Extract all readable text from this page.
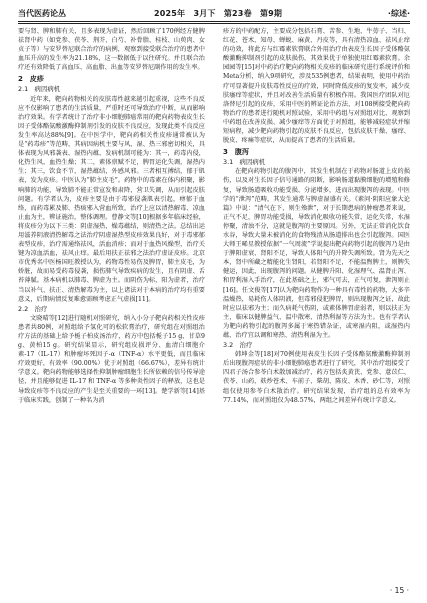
当代医药论丛	2025年　3月下　第23卷　第9期	·综述·

要与肾、脾和肺有关，且多表现为虚证，然后回顾了170例经方健脾祛肾中药（如党参、茯苓、荆芥、白芍、补骨脂、桂枝、山萸肉、女贞子等）与安罗替尼联合治疗的病例，观察到接受联合治疗的患者中血压升高的发生率为21.18%，这一数据低于以往研究。并且联合治疗还有效降低了高血压、高血脂、出血等安罗替尼副作用的发生率。

2　皮疹
2.1　病因病机

近年来，靶向药物相关的皮肤毒性越来越引起重视，这些不良反应不仅影响了患者的生活质量，严重时还可导致治疗中断，从而影响治疗效果。有学者统计了治疗非小细胞肺癌常用的靶向药物表皮生长因子受体酪氨酸激酶抑制剂引发的皮肤不良反应，发现此类不良反应发生率高达88%[9]。在中医学中，靶向药相关性皮疹通常被认为是“药毒疹”等范畴，其病因病机主要与风、湿、热三邪密切相关，具体表现为风邪袭表、湿热内蕴、发病机制可能为：其一，药毒内侵，化热生风，血热生燥；其二，素体禀赋不足，脾胃运化失调，湿热内生；其三，饮食不节，湿热蕴结，外感风邪。三者相互搏结，郁于肌表，发为皮疹。中医认为“肺主皮毛”。药物中的毒素在体内积聚，影响肺的功能，导致肺不能正常宣发和肃降，营卫失调，从而引起皮肤问题。有学者认为，皮疹主要是由于毒邪侵袭肌表引起，痹郁于血络，而药毒累及肺、热痰邪入营血所致，治疗上应以清热解毒、凉血止血为主，辨证施治，整体调理。曹静文等[10]根据多年临床经验，将皮疹分为以下三类：阴虚湿热，燥毒蕴结，则清热之法。总结出运用滋养阴液清热解毒之法治疗阴虚湿热型皮疹效果良好，对于毒邪郁表型皮疹，治疗需通络祛风，活血消疹；而对于血热风燥型，治疗关键为凉血活血，祛风止痒。最后用扶正祛邪之法治疗虚证皮疹。北京市优秀名中医杨国旺教授认为，药物毒性易伤及脾胃，肺主皮毛，为娇脏，故而易受药毒侵袭，损伤肺气导致疾病的发生，且有阴虚、舌苔薄腻。基本病机以肺毒、脾虚为主。而阴伤为标，阳为虚者，治疗当以补气、扶正、清热解毒为主，以上诸法对于本病的治疗均有重要意义，后期病情反复难愈需顾考虑正气虚损[11]。

2.2　治疗

文晓晴等[12]进行随机对照研究，纳入小分子靶向药相关性皮疹患者共80例，对照组给予氢化可的松软膏治疗，研究组在对照组治疗方法的基础上给予栀子柏皮汤治疗，药方中包括栀子15 g、甘草9 g、黄柏15 g。研究结果显示，研究组皮损评分、血清白细胞介素-17（IL-17）和肿瘤坏死因子-α（TNF-α）水平更低，而且临床疗效更好，有效率（90.00%）优于对照组（66.67%），差异有统计学意义。靶向药物能够选择性抑制肿瘤细胞生长所依赖的信号传导途径，并且能够促进 IL-17 和 TNF-α 等多种炎性因子的释放，这也是导致皮疹等不良反应的产生是至关重要的一环[13]。楚学新等[14]基于临床实践，创制了一种名为消

疹方的中药配方，主要成分包括石膏、苦参、生地、牛蒡子、当归、红花、苍术、知母、蝉蜕、麻黄、丹皮等，具有清热凉血、祛风止痒的功效，将此方与红霉素软膏联合外用治疗由表皮生长因子受体酪氨酸激酶抑制剂引起的皮肤损伤，其效果优于单独使用红霉素软膏。余园园等[15]对中药治疗靶向药物相关皮疹的临床研究进行系统评价和Meta分析，纳入9项研究，涉及535例患者，结果表明，使用中药治疗可显著提升皮肤毒性反应的疗效，同时降低皮疹的复发率，减少皮肤瘙痒等症状，并且对改善生活质量有积极作用。我国医疗团队对厄洛替尼引起的皮疹，采用中医的辨证论治方法，对108例接受靶向药物治疗的患者进行随机对照试验，采用中药组与对照组对比，观察到中药组在改善皮损、减少瘙痒等方面优于对照组，能够减轻症状并缩短病程，减少靶向药物引起的皮肤不良反应，包括皮肤干燥、瘙痒、脱皮、疼痛等症状，从而提高了患者的生活质量。

3　腹泻
3.1　病因病机

在靶向药物引起的腹泻中，其发生机制在于药物对肠道上皮的损伤，以及对生长因子信号通路的阻断，影响肠道黏膜细胞的增殖和修复，导致肠道吸收功能受损、分泌增多，进而出现腹泻的表现。中医学的“泄泻”范畴，其发生通常与脾虚湿盛有关。《素问·阴阳应象大论篇》中说：“清气在下，则生飧泄”，对于长期患病的肿瘤患者来说，正气不足，脾胃功能受损，导致消化吸收功能失常，运化失常，水湿停聚，清浊不分，这就是腹泻的主要原因。另外，无法正常消化饮食水谷，导致大量未被消化的食物残渣从肠道排出也会引起腹泻。国医大师王晞星教授依据“一气周流”学说提出靶向药物引起的腹泻乃是由于脾阳虚衰、肾阳不足，导致人体阳气的升降失调所致。肾为先天之本，肾中所藏之精能化生肾阳，若肾阳不足，不能温煦脾土，则脾失健运，因此，出现腹泻的问题。从健脾升阳、化湿理气、温肾止泻、和胃利湿入手治疗，在此基础之上，邪气可去，正气可复，泄泻则止[16]。任文俊等[17]认为靶向药物作为一种具有毒性的药物，大多辛温燥热，易耗伤人体阴液，但毒邪侵犯脾胃，则出现腹泻之证，故此时应以祛邪为主；而久病耗气伤阴，或素体脾胃虚弱者，则以扶正为主，临床以健脾益气、温中散寒、清热利湿等方法为主。也有学者认为靶向药物引起的腹泻多属于寒热错杂证，或寒湿内阻，或湿热内蕴，治疗宜以调和寒热、清热利湿为主。

3.2　治疗

韩坤金等[18]对70例使用表皮生长因子受体酪氨酸激酶抑制剂后出现腹泻症状的非小细胞肺癌患者进行了研究，其中治疗组接受了四君子汤合参苓白术散加减治疗，药方包括炙黄芪、党参、薏苡仁、茯苓、山药、麸炒苍术、车前子、柴胡、陈皮、木香、砂仁等，对照组仅使用参苓白术散治疗。研究结果发现，治疗组的总有效率为77.14%，而对照组仅为48.57%，两组之间差异有统计学意义。

· 15 ·
